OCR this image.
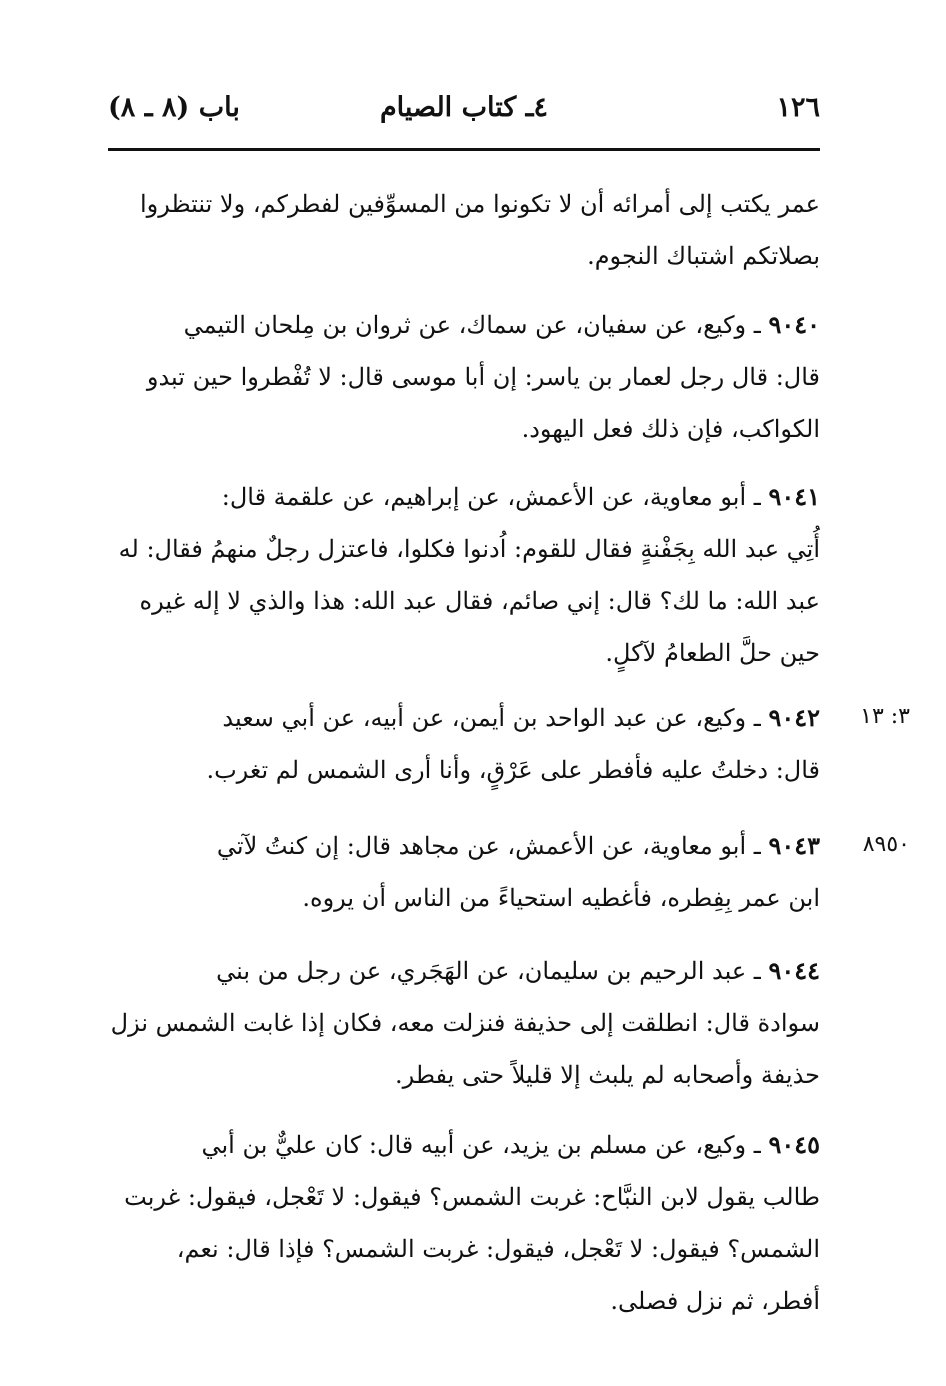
١٢٦
٤ـ كتاب الصيام
باب (٨ ـ ٨)
عمر يكتب إلى أمرائه أن لا تكونوا من المسوِّفين لفطركم، ولا تنتظروا
بصلاتكم اشتباك النجوم.
٩٠٤٠ ـ وكيع، عن سفيان، عن سماك، عن ثروان بن مِلحان التيمي
قال: قال رجل لعمار بن ياسر: إن أبا موسى قال: لا تُفْطروا حين تبدو
الكواكب، فإن ذلك فعل اليهود.
٩٠٤١ ـ أبو معاوية، عن الأعمش، عن إبراهيم، عن علقمة قال:
أُتِي عبد الله بِجَفْنةٍ فقال للقوم: اُدنوا فكلوا، فاعتزل رجلٌ منهمُ فقال: له
عبد الله: ما لك؟ قال: إني صائم، فقال عبد الله: هذا والذي لا إله غيره
حين حلَّ الطعامُ لآكلٍ.
٣: ١٣
٩٠٤٢ ـ وكيع، عن عبد الواحد بن أيمن، عن أبيه، عن أبي سعيد
قال: دخلتُ عليه فأفطر على عَرْقٍ، وأنا أرى الشمس لم تغرب.
٨٩٥٠
٩٠٤٣ ـ أبو معاوية، عن الأعمش، عن مجاهد قال: إن كنتُ لآتي
ابن عمر بِفِطره، فأغطيه استحياءً من الناس أن يروه.
٩٠٤٤ ـ عبد الرحيم بن سليمان، عن الهَجَري، عن رجل من بني
سوادة قال: انطلقت إلى حذيفة فنزلت معه، فكان إذا غابت الشمس نزل
حذيفة وأصحابه لم يلبث إلا قليلاً حتى يفطر.
٩٠٤٥ ـ وكيع، عن مسلم بن يزيد، عن أبيه قال: كان عليٌّ بن أبي
طالب يقول لابن النبَّاح: غربت الشمس؟ فيقول: لا تَعْجل، فيقول: غربت
الشمس؟ فيقول: لا تَعْجل، فيقول: غربت الشمس؟ فإذا قال: نعم،
أفطر، ثم نزل فصلى.
